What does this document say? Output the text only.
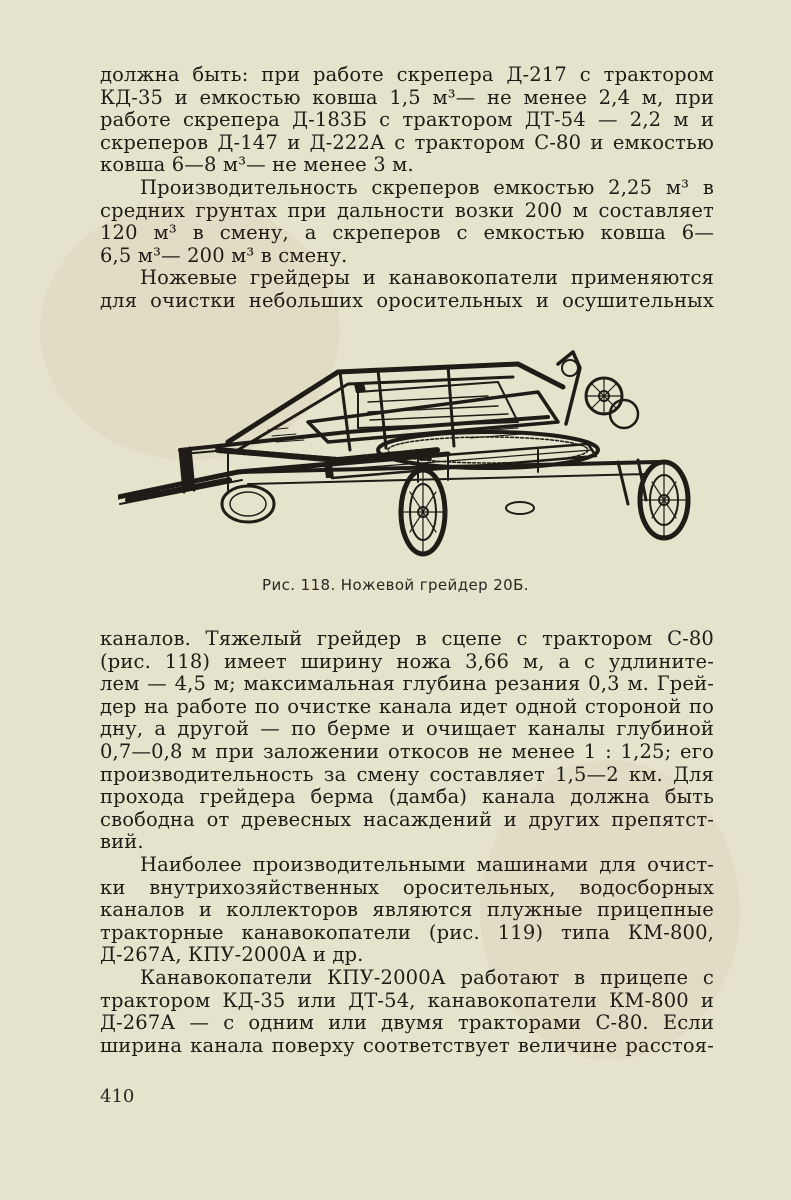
должна быть: при работе скрепера Д-217 с трактором
КД-35 и емкостью ковша 1,5 м³— не менее 2,4 м, при
работе скрепера Д-183Б с трактором ДТ-54 — 2,2 м и
скреперов Д-147 и Д-222А с трактором С-80 и емкостью
ковша 6—8 м³— не менее 3 м.
Производительность скреперов емкостью 2,25 м³ в
средних грунтах при дальности возки 200 м составляет
120 м³ в смену, а скреперов с емкостью ковша 6—
6,5 м³— 200 м³ в смену.
Ножевые грейдеры и канавокопатели применяются
для очистки небольших оросительных и осушительных
Рис. 118. Ножевой грейдер 20Б.
каналов. Тяжелый грейдер в сцепе с трактором С-80
(рис. 118) имеет ширину ножа 3,66 м, а с удлините-
лем — 4,5 м; максимальная глубина резания 0,3 м. Грей-
дер на работе по очистке канала идет одной стороной по
дну, а другой — по берме и очищает каналы глубиной
0,7—0,8 м при заложении откосов не менее 1 : 1,25; его
производительность за смену составляет 1,5—2 км. Для
прохода грейдера берма (дамба) канала должна быть
свободна от древесных насаждений и других препятст-
вий.
Наиболее производительными машинами для очист-
ки внутрихозяйственных оросительных, водосборных
каналов и коллекторов являются плужные прицепные
тракторные канавокопатели (рис. 119) типа КМ-800,
Д-267А, КПУ-2000А и др.
Канавокопатели КПУ-2000А работают в прицепе с
трактором КД-35 или ДТ-54, канавокопатели КМ-800 и
Д-267А — с одним или двумя тракторами С-80. Если
ширина канала поверху соответствует величине расстоя-
410
